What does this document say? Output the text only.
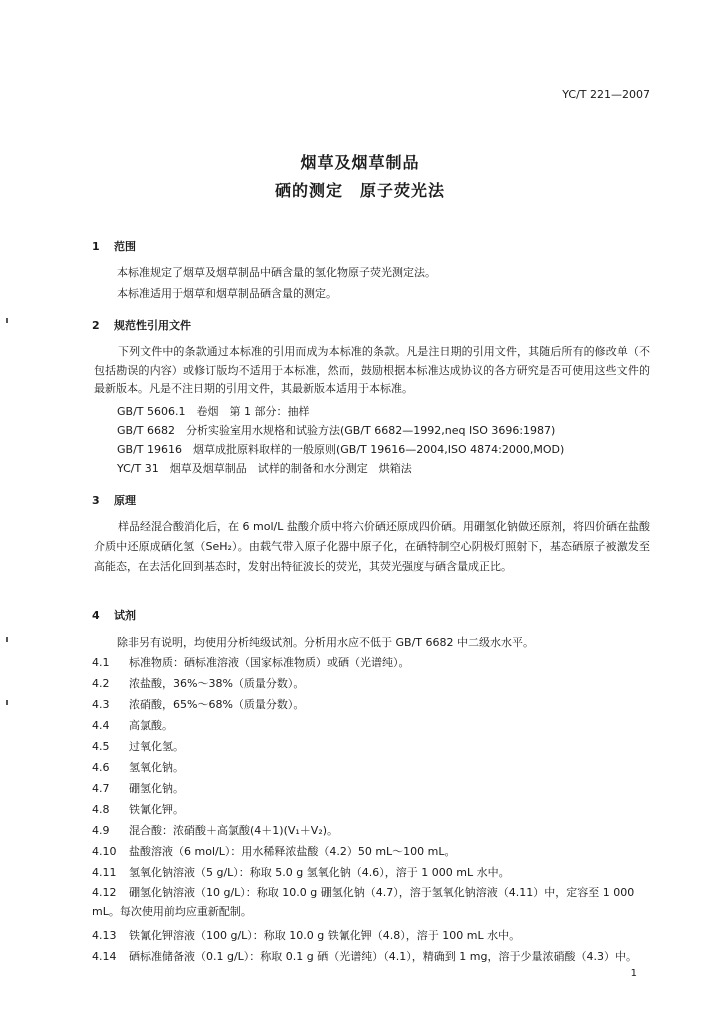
YC/T 221—2007
烟草及烟草制品
硒的测定　原子荧光法
1 范围
本标准规定了烟草及烟草制品中硒含量的氢化物原子荧光测定法。
本标准适用于烟草和烟草制品硒含量的测定。
2 规范性引用文件
下列文件中的条款通过本标准的引用而成为本标准的条款。凡是注日期的引用文件，其随后所有的修改单（不包括勘误的内容）或修订版均不适用于本标准，然而，鼓励根据本标准达成协议的各方研究是否可使用这些文件的最新版本。凡是不注日期的引用文件，其最新版本适用于本标准。
GB/T 5606.1　卷烟　第 1 部分：抽样
GB/T 6682　分析实验室用水规格和试验方法(GB/T 6682—1992,neq ISO 3696:1987)
GB/T 19616　烟草成批原料取样的一般原则(GB/T 19616—2004,ISO 4874:2000,MOD)
YC/T 31　烟草及烟草制品　试样的制备和水分测定　烘箱法
3 原理
样品经混合酸消化后，在 6 mol/L 盐酸介质中将六价硒还原成四价硒。用硼氢化钠做还原剂，将四价硒在盐酸介质中还原成硒化氢（SeH₂）。由载气带入原子化器中原子化，在硒特制空心阴极灯照射下，基态硒原子被激发至高能态，在去活化回到基态时，发射出特征波长的荧光，其荧光强度与硒含量成正比。
4 试剂
除非另有说明，均使用分析纯级试剂。分析用水应不低于 GB/T 6682 中二级水水平。
4.1 标准物质：硒标准溶液（国家标准物质）或硒（光谱纯）。
4.2 浓盐酸，36%～38%（质量分数）。
4.3 浓硝酸，65%～68%（质量分数）。
4.4 高氯酸。
4.5 过氧化氢。
4.6 氢氧化钠。
4.7 硼氢化钠。
4.8 铁氰化钾。
4.9 混合酸：浓硝酸＋高氯酸(4＋1)(V₁＋V₂)。
4.10 盐酸溶液（6 mol/L）：用水稀释浓盐酸（4.2）50 mL～100 mL。
4.11 氢氧化钠溶液（5 g/L）：称取 5.0 g 氢氧化钠（4.6），溶于 1 000 mL 水中。
4.12 硼氢化钠溶液（10 g/L）：称取 10.0 g 硼氢化钠（4.7），溶于氢氧化钠溶液（4.11）中，定容至 1 000 mL。每次使用前均应重新配制。
4.13 铁氰化钾溶液（100 g/L）：称取 10.0 g 铁氰化钾（4.8），溶于 100 mL 水中。
4.14 硒标准储备液（0.1 g/L）：称取 0.1 g 硒（光谱纯）（4.1），精确到 1 mg，溶于少量浓硝酸（4.3）中。
1
